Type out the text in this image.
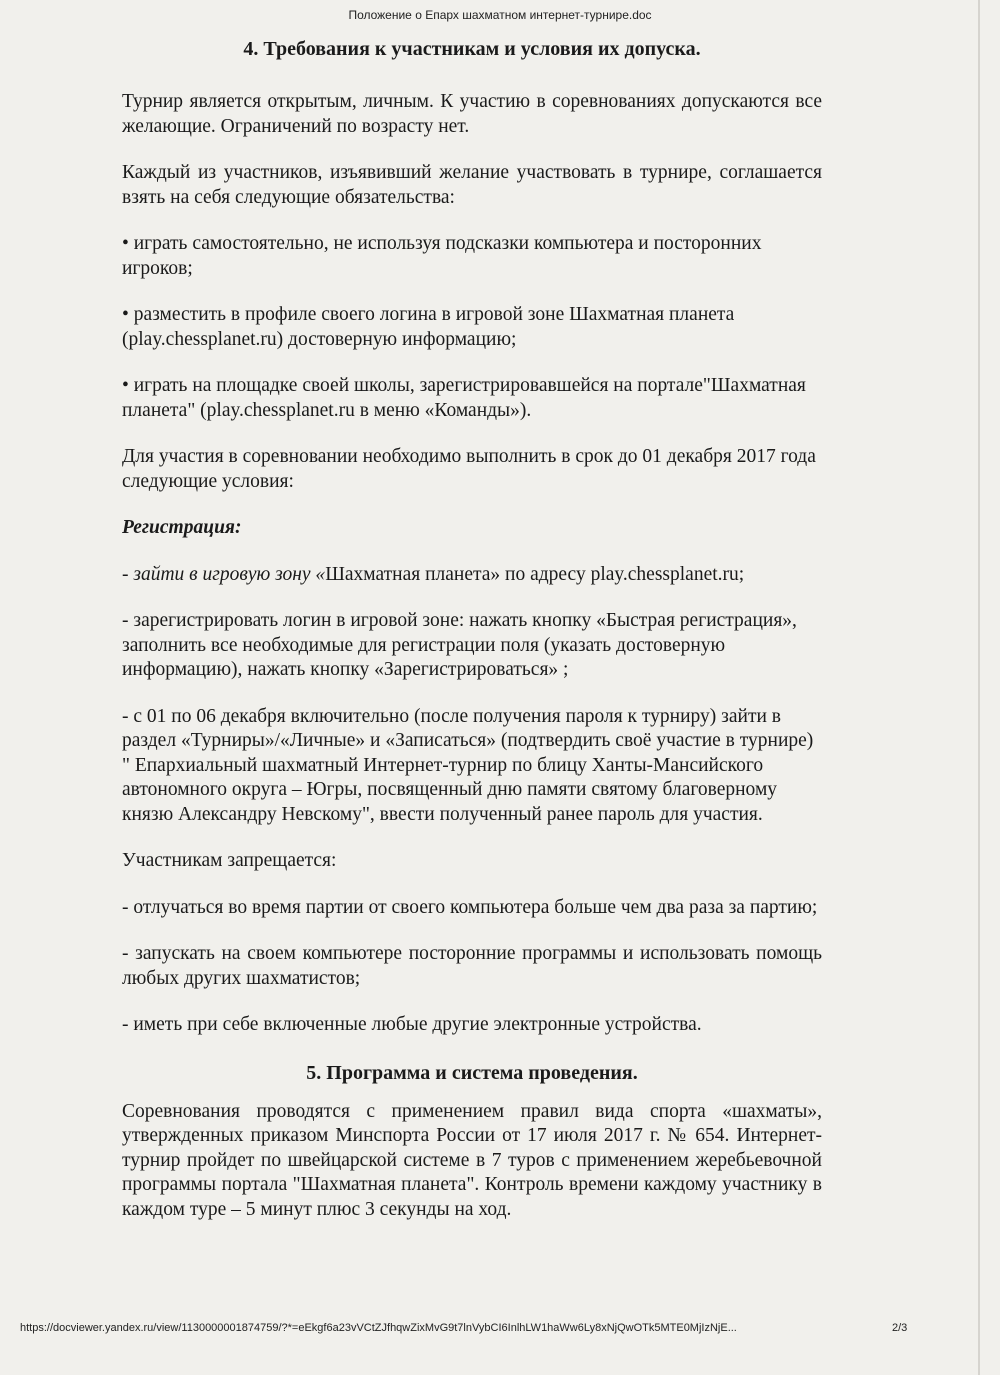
Положение о Епарх шахматном интернет-турнире.doc
4. Требования к участникам и условия их допуска.
Турнир является открытым, личным. К участию в соревнованиях допускаются все желающие. Ограничений по возрасту нет.
Каждый из участников, изъявивший желание участвовать в турнире, соглашается взять на себя следующие обязательства:
• играть самостоятельно, не используя подсказки компьютера и посторонних игроков;
• разместить в профиле своего логина в игровой зоне Шахматная планета (play.chessplanet.ru) достоверную информацию;
• играть на площадке своей школы, зарегистрировавшейся на портале"Шахматная планета" (play.chessplanet.ru в меню «Команды»).
Для участия в соревновании необходимо выполнить в срок до 01 декабря 2017 года следующие условия:
Регистрация:
- зайти в игровую зону «Шахматная планета» по адресу play.chessplanet.ru;
- зарегистрировать логин в игровой зоне: нажать кнопку «Быстрая регистрация», заполнить все необходимые для регистрации поля (указать достоверную информацию), нажать кнопку «Зарегистрироваться» ;
- с 01 по 06 декабря включительно (после получения пароля к турниру) зайти в раздел «Турниры»/«Личные» и «Записаться» (подтвердить своё участие в турнире) " Епархиальный шахматный Интернет-турнир по блицу Ханты-Мансийского автономного округа – Югры, посвященный дню памяти святому благоверному князю Александру Невскому", ввести полученный ранее пароль для участия.
Участникам запрещается:
- отлучаться во время партии от своего компьютера больше чем два раза за партию;
- запускать на своем компьютере посторонние программы и использовать помощь любых других шахматистов;
- иметь при себе включенные любые другие электронные устройства.
5. Программа и система проведения.
Соревнования проводятся с применением правил вида спорта «шахматы», утвержденных приказом Минспорта России от 17 июля 2017 г. № 654. Интернет-турнир пройдет по швейцарской системе в 7 туров с применением жеребьевочной программы портала "Шахматная планета". Контроль времени каждому участнику в каждом туре – 5 минут плюс 3 секунды на ход.
https://docviewer.yandex.ru/view/1130000001874759/?*=eEkgf6a23vVCtZJfhqwZixMvG9t7lnVybCI6InlhLW1haWw6Ly8xNjQwOTk5MTE0MjIzNjE...	2/3
